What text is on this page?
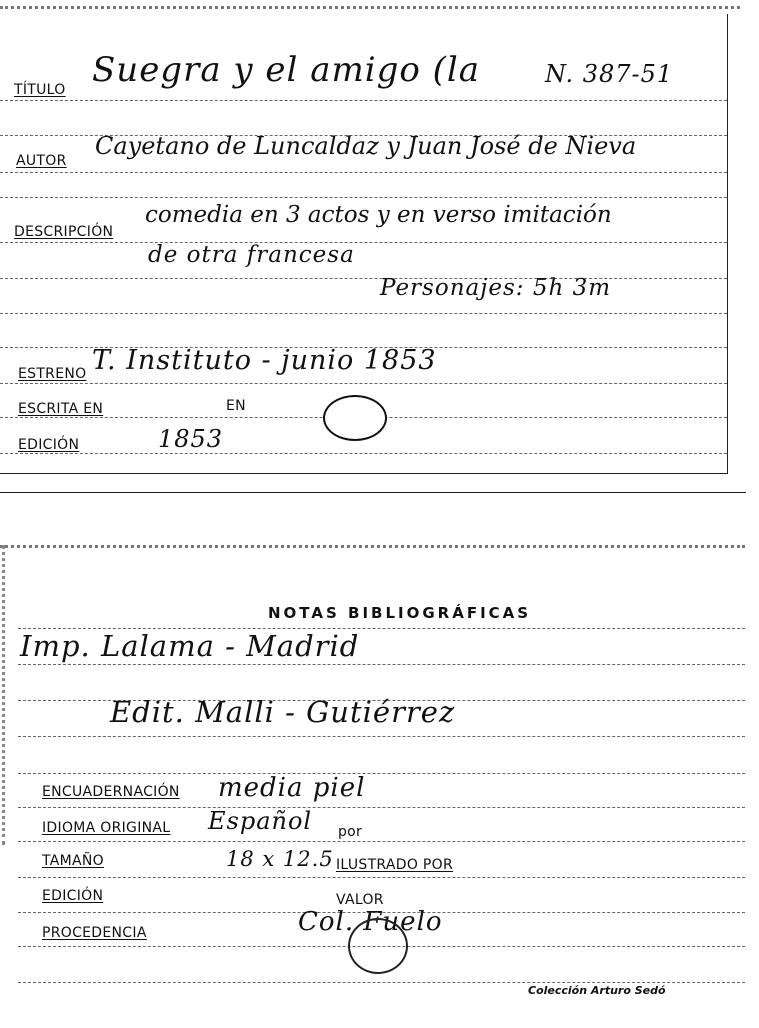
TÍTULO Suegra y el amigo (la	N. 387-51
AUTOR
Cayetano de Luncaldaz y Juan José de Nieva
DESCRIPCIÓN
comedia en 3 actos y en verso imitación
de otra francesa
Personajes: 5h 3m
ESTRENO T. Instituto - junio 1853
ESCRITA EN	EN
EDICIÓN	1853
NOTAS BIBLIOGRÁFICAS
Imp. Lalama - Madrid
Edit. Malli - Gutiérrez
ENCUADERNACIÓN media piel
IDIOMA ORIGINAL Español por
TAMAÑO	18 x 12.5 ILUSTRADO POR
EDICIÓN	VALOR
PROCEDENCIA	Col. Fuelo
Colección Arturo Sedó
